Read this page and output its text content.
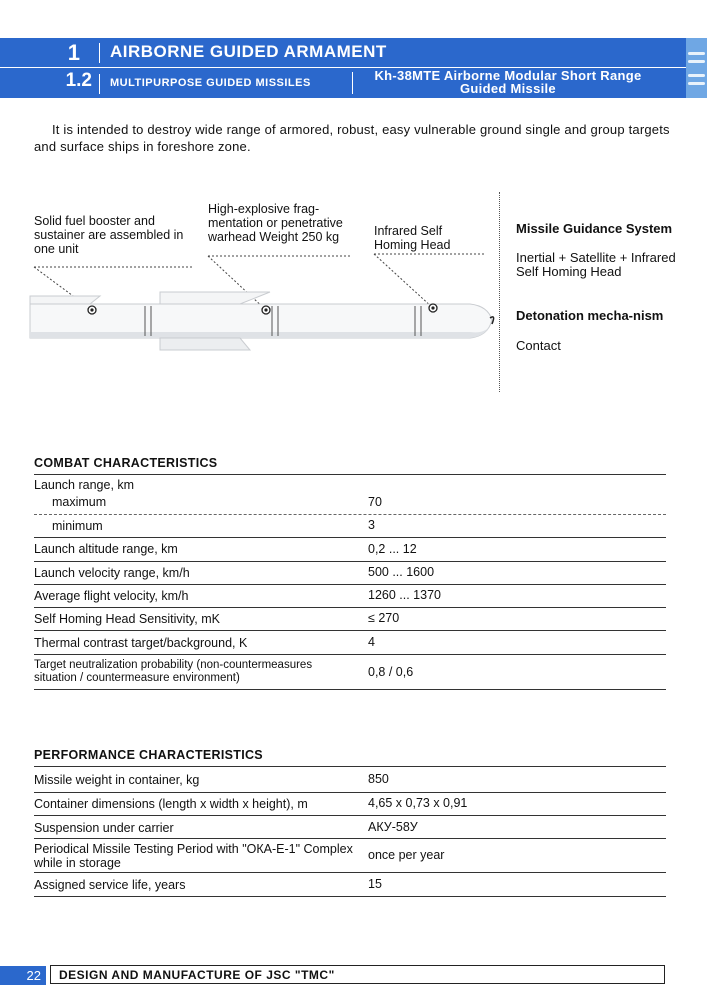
1 AIRBORNE GUIDED ARMAMENT
1.2 MULTIPURPOSE GUIDED MISSILES	Kh-38MTE Airborne Modular Short Range Guided Missile

It is intended to destroy wide range of armored, robust, easy vulnerable ground single and group targets and surface ships in foreshore zone.

Solid fuel booster and sustainer are assembled in one unit
High-explosive frag-mentation or penetrative warhead Weight 250 kg	Infrared Self Homing Head
Missile Guidance System
Inertial + Satellite + Infrared Self Homing Head
Detonation mecha-nism
Contact
COMBAT CHARACTERISTICS
Launch range, km
maximum	70
minimum	3
Launch altitude range, km	0,2 ... 12
Launch velocity range, km/h	500 ... 1600
Average flight velocity, km/h	1260 ... 1370
Self Homing Head Sensitivity, mK	≤ 270
Thermal contrast target/background, K	4
Target neutralization probability (non-countermeasures situation / countermeasure environment)	0,8 / 0,6
PERFORMANCE CHARACTERISTICS
Missile weight in container, kg	850
Container dimensions (length x width x height), m	4,65 x 0,73 x 0,91
Suspension under carrier	АКУ-58У
Periodical Missile Testing Period with "ОКА-Е-1" Complex while in storage
once per year
Assigned service life, years	15
22	DESIGN AND MANUFACTURE OF JSC "TMC"
